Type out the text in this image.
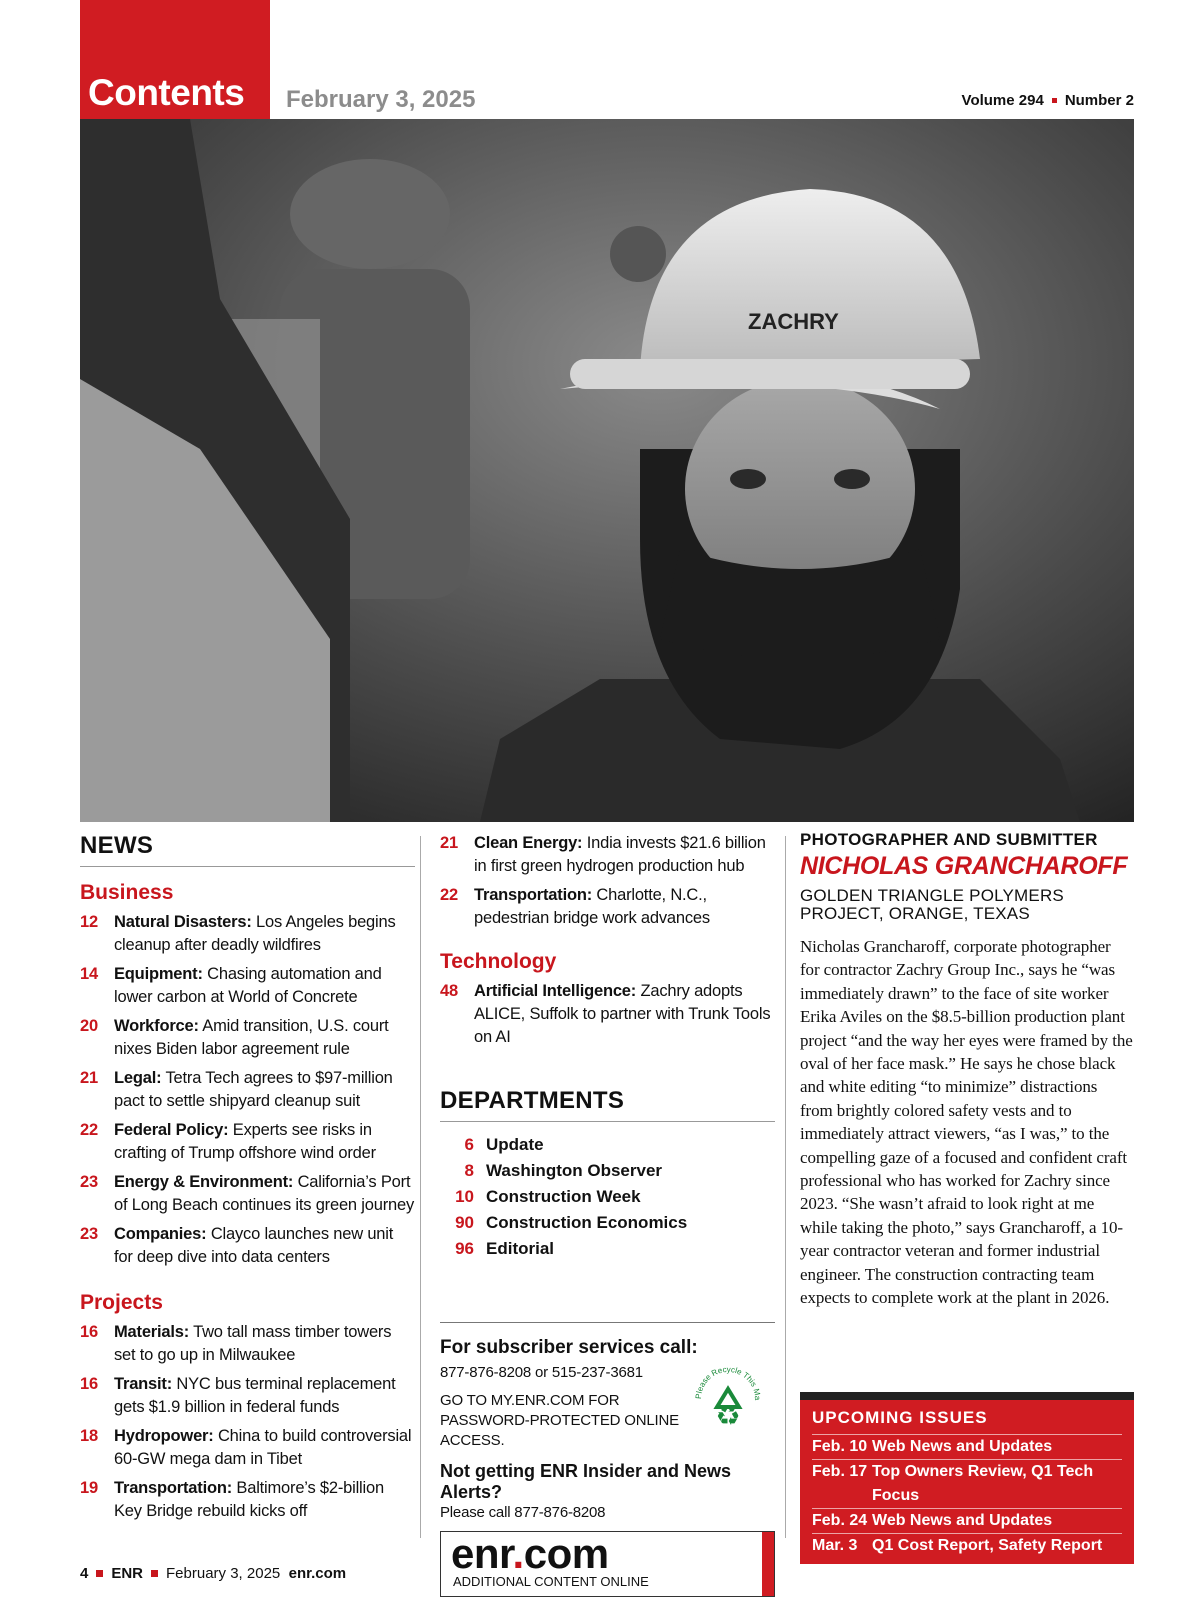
Contents February 3, 2025	Volume 294 Number 2
ZACHRY
NEWS
Business
12 Natural Disasters: Los Angeles begins cleanup after deadly wildfires
14 Equipment: Chasing automation and lower carbon at World of Concrete
20 Workforce: Amid transition, U.S. court nixes Biden labor agreement rule
21 Legal: Tetra Tech agrees to $97-million pact to settle shipyard cleanup suit
22 Federal Policy: Experts see risks in crafting of Trump offshore wind order
23 Energy & Environment: California’s Port of Long Beach continues its green journey
23 Companies: Clayco launches new unit for deep dive into data centers
Projects
16 Materials: Two tall mass timber towers set to go up in Milwaukee
16 Transit: NYC bus terminal replacement gets $1.9 billion in federal funds
18 Hydropower: China to build controversial 60-GW mega dam in Tibet
19 Transportation: Baltimore’s $2-billion Key Bridge rebuild kicks off
21 Clean Energy: India invests $21.6 billion in first green hydrogen production hub
22 Transportation: Charlotte, N.C., pedestrian bridge work advances
Technology
48 Artificial Intelligence: Zachry adopts ALICE, Suffolk to partner with Trunk Tools on AI
DEPARTMENTS
6 Update
8 Washington Observer
10 Construction Week
90 Construction Economics
96 Editorial
For subscriber services call:
877-876-8208 or 515-237-3681
GO TO MY.ENR.COM FOR PASSWORD-PROTECTED ONLINE ACCESS.
Not getting ENR Insider and News Alerts?
Please call 877-876-8208
Please Recycle This Ma
♻
enr.com
ADDITIONAL CONTENT ONLINE
PHOTOGRAPHER AND SUBMITTER
NICHOLAS GRANCHAROFF
GOLDEN TRIANGLE POLYMERS PROJECT, ORANGE, TEXAS
Nicholas Grancharoff, corporate photographer for contractor Zachry Group Inc., says he “was immediately drawn” to the face of site worker Erika Aviles on the $8.5-billion production plant project “and the way her eyes were framed by the oval of her face mask.” He says he chose black and white editing “to minimize” distractions from brightly colored safety vests and to immediately attract viewers, “as I was,” to the compelling gaze of a focused and confident craft professional who has worked for Zachry since 2023. “She wasn’t afraid to look right at me while taking the photo,” says Grancharoff, a 10-year contractor veteran and former industrial engineer. The construction contracting team expects to complete work at the plant in 2026.
UPCOMING ISSUES
Feb. 10 Web News and Updates
Feb. 17 Top Owners Review, Q1 Tech Focus
Feb. 24 Web News and Updates
Mar. 3 Q1 Cost Report, Safety Report
4 ENR February 3, 2025 enr.com
